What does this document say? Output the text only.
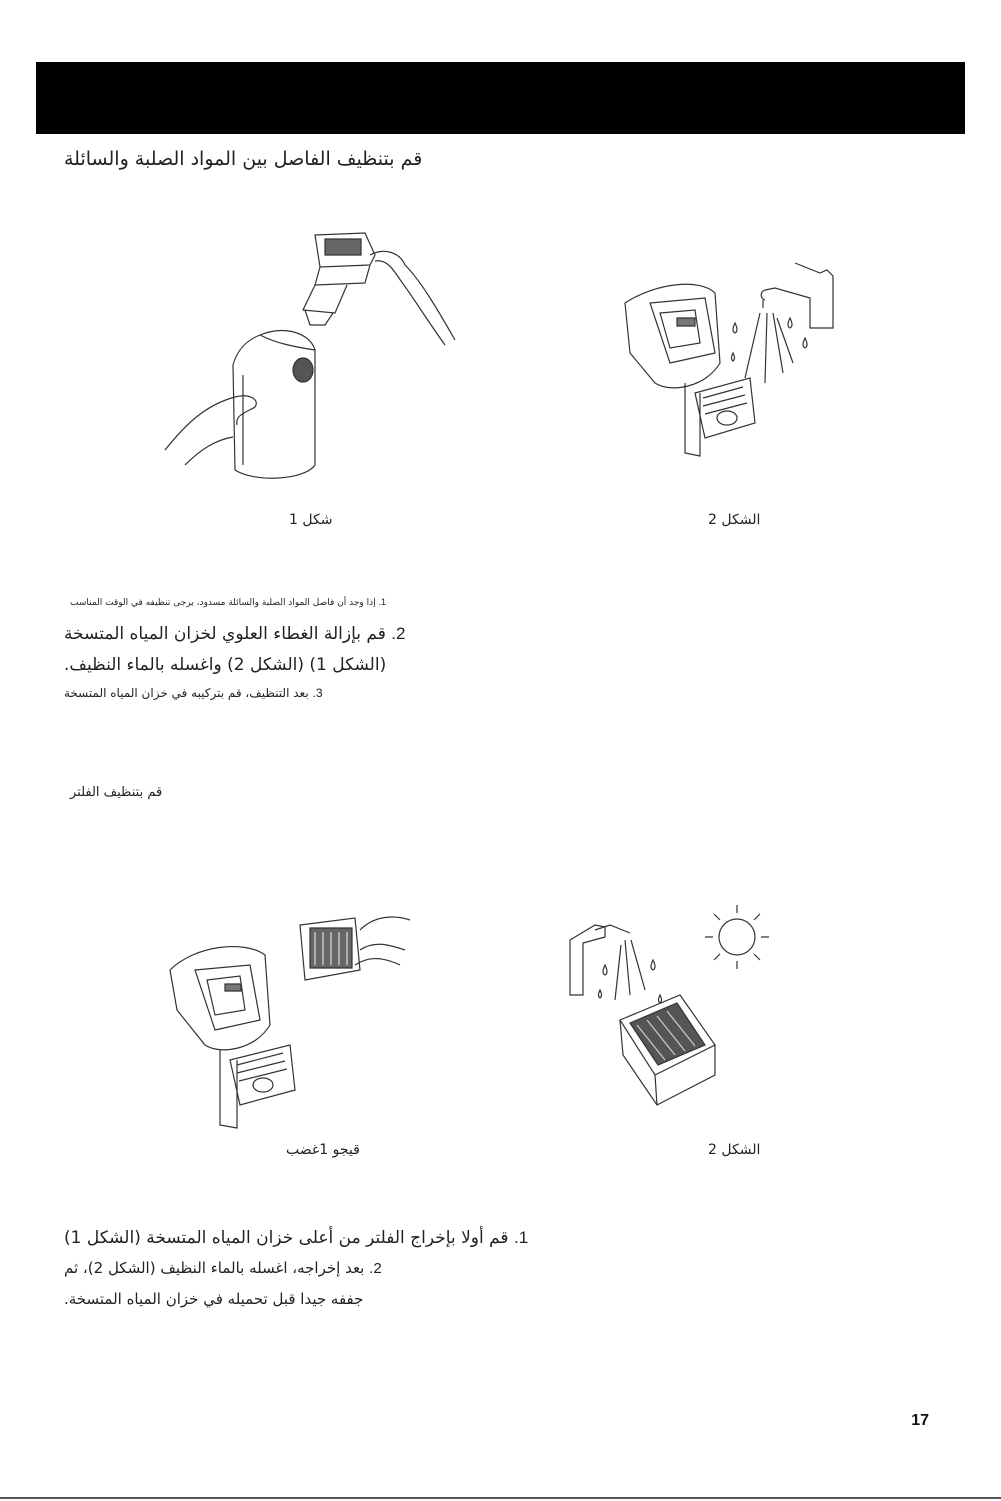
قم بتنظيف الفاصل بين المواد الصلبة والسائلة
شكل 1	الشكل 2
1. إذا وجد أن فاصل المواد الصلبة والسائلة مسدود، يرجى تنظيفه في الوقت المناسب
2. قم بإزالة الغطاء العلوي لخزان المياه المتسخة
(الشكل 1) (الشكل 2) واغسله بالماء النظيف.
3. بعد التنظيف، قم بتركيبه في خزان المياه المتسخة
قم بتنظيف الفلتر
قيجو 1غضب	الشكل 2
1. قم أولا بإخراج الفلتر من أعلى خزان المياه المتسخة (الشكل 1)
2. بعد إخراجه، اغسله بالماء النظيف (الشكل 2)، ثم
جففه جيدا قبل تحميله في خزان المياه المتسخة.
17
